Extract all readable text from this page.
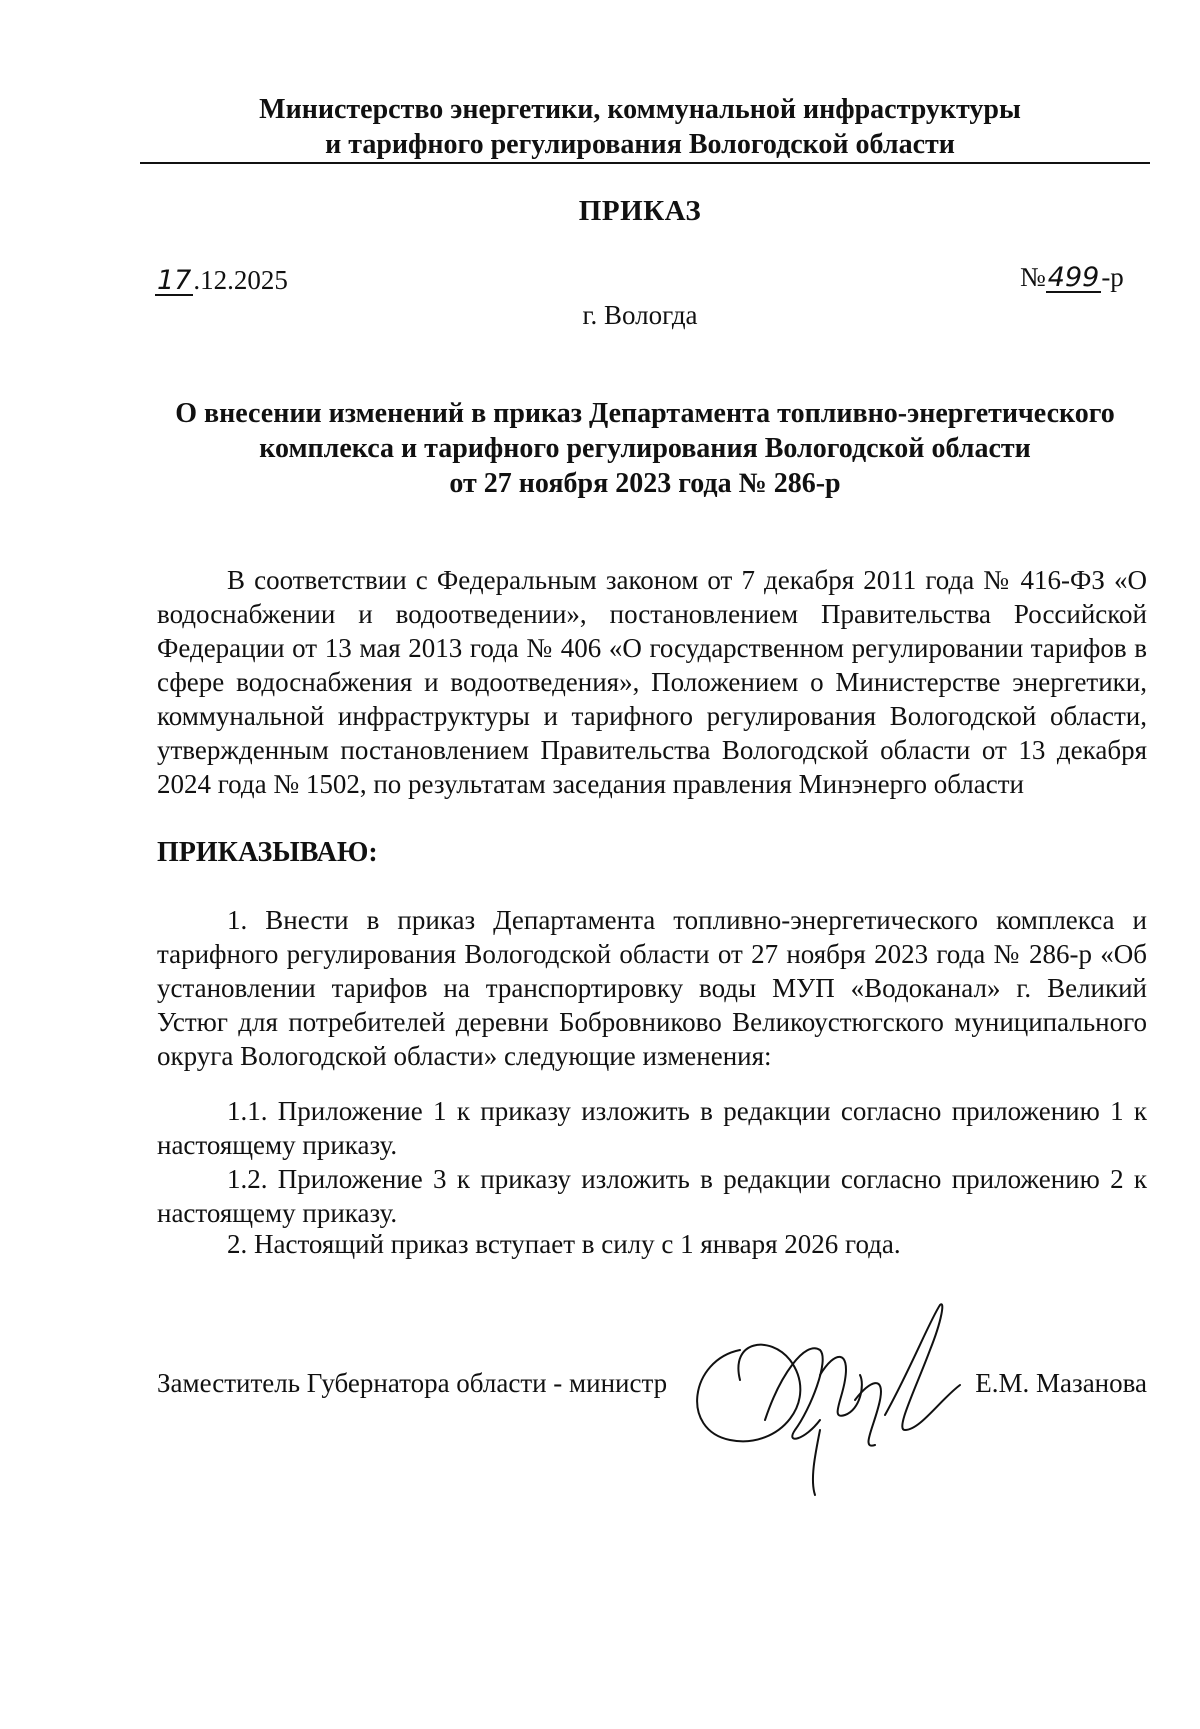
Министерство энергетики, коммунальной инфраструктуры
и тарифного регулирования Вологодской области
ПРИКАЗ
17.12.2025	№499-р
г. Вологда
О внесении изменений в приказ Департамента топливно-энергетического
комплекса и тарифного регулирования Вологодской области
от 27 ноября 2023 года № 286-р
В соответствии с Федеральным законом от 7 декабря 2011 года № 416-ФЗ «О водоснабжении и водоотведении», постановлением Правительства Российской Федерации от 13 мая 2013 года № 406 «О государственном регулировании тарифов в сфере водоснабжения и водоотведения», Положением о Министерстве энергетики, коммунальной инфраструктуры и тарифного регулирования Вологодской области, утвержденным постановлением Правительства Вологодской области от 13 декабря 2024 года № 1502, по результатам заседания правления Минэнерго области
ПРИКАЗЫВАЮ:
1. Внести в приказ Департамента топливно-энергетического комплекса и тарифного регулирования Вологодской области от 27 ноября 2023 года № 286-р «Об установлении тарифов на транспортировку воды МУП «Водоканал» г. Великий Устюг для потребителей деревни Бобровниково Великоустюгского муниципального округа Вологодской области» следующие изменения:
1.1. Приложение 1 к приказу изложить в редакции согласно приложению 1 к настоящему приказу.
1.2. Приложение 3 к приказу изложить в редакции согласно приложению 2 к настоящему приказу.
2. Настоящий приказ вступает в силу с 1 января 2026 года.
Заместитель Губернатора области - министр	Е.М. Мазанова
